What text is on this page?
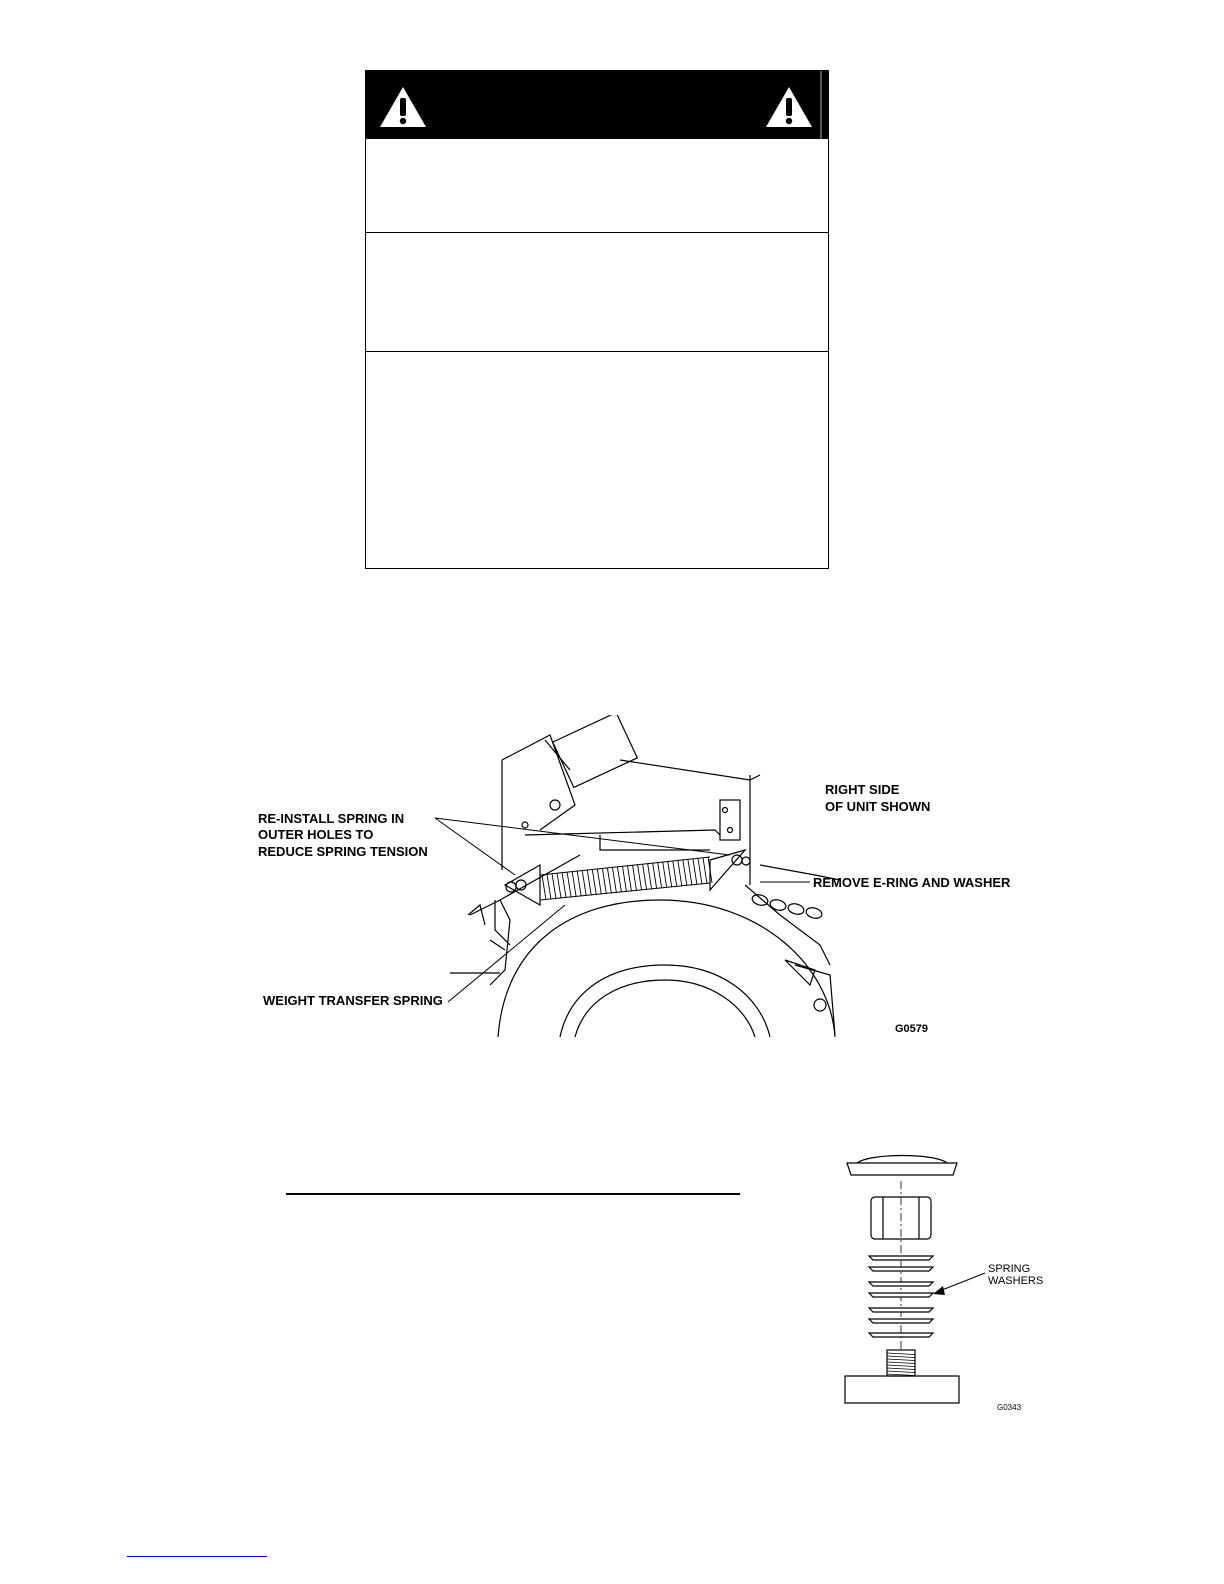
RE-INSTALL SPRING IN
OUTER HOLES TO
REDUCE SPRING TENSION
RIGHT SIDE
OF UNIT SHOWN
REMOVE E-RING AND WASHER
WEIGHT TRANSFER SPRING
G0579
SPRING
WASHERS
G0343
